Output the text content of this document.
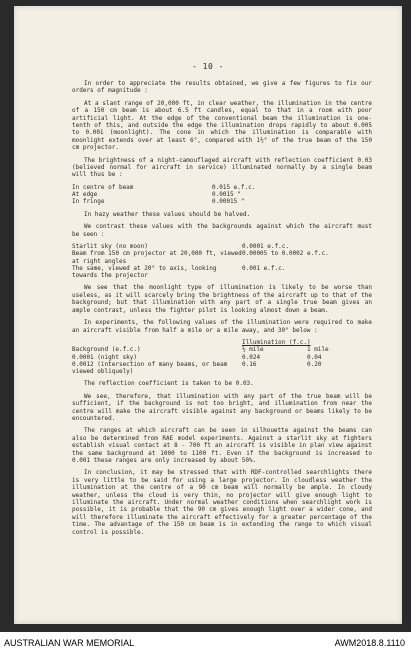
- 10 -

In order to appreciate the results obtained, we give a few figures to fix our orders of magnitude :

At a slant range of 20,000 ft, in clear weather, the illumination in the centre of a 150 cm beam is about 6.5 ft candles, equal to that in a room with poor artificial light. At the edge of the conventional beam the illumination is one-tenth of this, and outside the edge the illumination drops rapidly to about 0.005 to 0.001 (moonlight). The cone in which the illumination is comparable with moonlight extends over at least 6°, compared with 1½° of the true beam of the 150 cm projector.

The brightness of a night-camouflaged aircraft with reflection coefficient 0.03 (believed normal for aircraft in service) illuminated normally by a single beam will thus be :

In centre of beam	0.015 e.f.c.
At edge	0.0015 "
In fringe	0.00015 "

In hazy weather these values should be halved.

We contrast these values with the backgrounds against which the aircraft must be seen :

Starlit sky (no moon)	0.0001 e.f.c.
Beam from 150 cm projector at 20,000 ft, viewed at right angles	0.00005 to 0.0002 e.f.c.
The same, viewed at 20° to axis, looking towards the projector	0.001 e.f.c.

We see that the moonlight type of illumination is likely to be worse than useless, as it will scarcely bring the brightness of the aircraft up to that of the background; but that illumination with any part of a single true beam gives an ample contrast, unless the fighter pilot is looking almost down a beam.

In experiments, the following values of the illumination were required to make an aircraft visible from half a mile or a mile away, and 30° below :

	Illumination (f.c.)	
Background (e.f.c.)	½ mile	1 mile
0.0001 (night sky)	0.024	0.04
0.0012 (intersection of many beams, or beam viewed obliquely)	0.16	0.20

The reflection coefficient is taken to be 0.03.

We see, therefore, that illumination with any part of the true beam will be sufficient, if the background is not too bright, and illumination from near the centre will make the aircraft visible against any background or beams likely to be encountered.

The ranges at which aircraft can be seen in silhouette against the beams can also be determined from RAE model experiments. Against a starlit sky at fighters establish visual contact at 8 - 700 ft an aircraft is visible in plan view against the same background at 1000 to 1100 ft. Even if the background is increased to 0.001 these ranges are only increased by about 50%.

In conclusion, it may be stressed that with RDF-controlled searchlights there is very little to be said for using a large projector. In cloudless weather the illumination at the centre of a 90 cm beam will normally be ample. In cloudy weather, unless the cloud is very thin, no projector will give enough light to illuminate the aircraft. Under normal weather conditions when searchlight work is possible, it is probable that the 90 cm gives enough light over a wider cone, and will therefore illuminate the aircraft effectively for a greater percentage of the time. The advantage of the 150 cm beam is in extending the range to which visual control is possible.

AUSTRALIAN WAR MEMORIAL	AWM2018.8.1110
